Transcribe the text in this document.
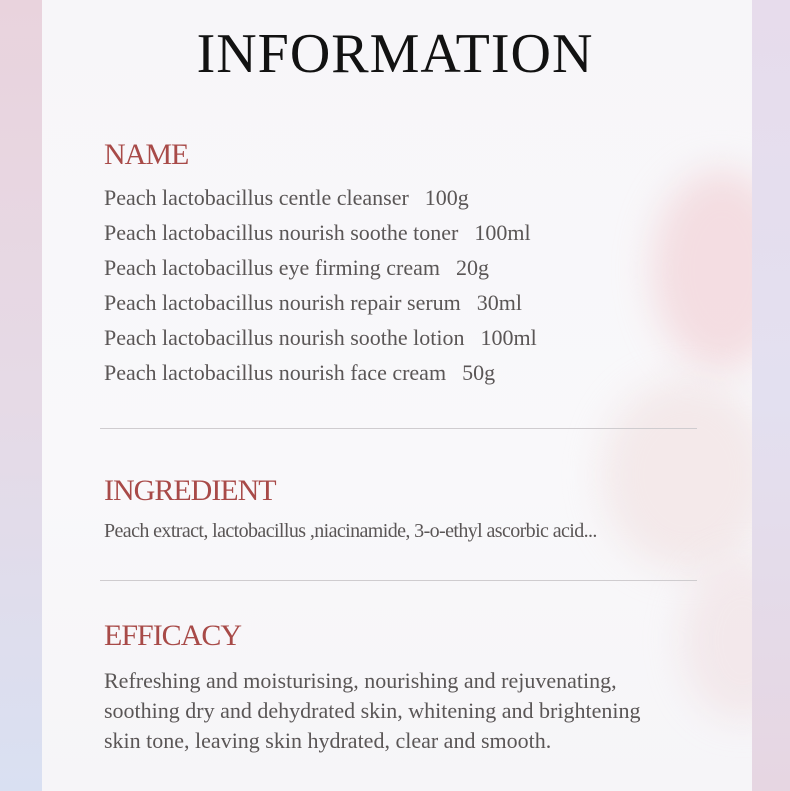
INFORMATION
NAME
Peach lactobacillus centle cleanser 100g
Peach lactobacillus nourish soothe toner 100ml
Peach lactobacillus eye firming cream 20g
Peach lactobacillus nourish repair serum 30ml
Peach lactobacillus nourish soothe lotion 100ml
Peach lactobacillus nourish face cream 50g
INGREDIENT

Peach extract, lactobacillus ,niacinamide, 3-o-ethyl ascorbic acid...

EFFICACY

Refreshing and moisturising, nourishing and rejuvenating,
soothing dry and dehydrated skin, whitening and brightening
skin tone, leaving skin hydrated, clear and smooth.
